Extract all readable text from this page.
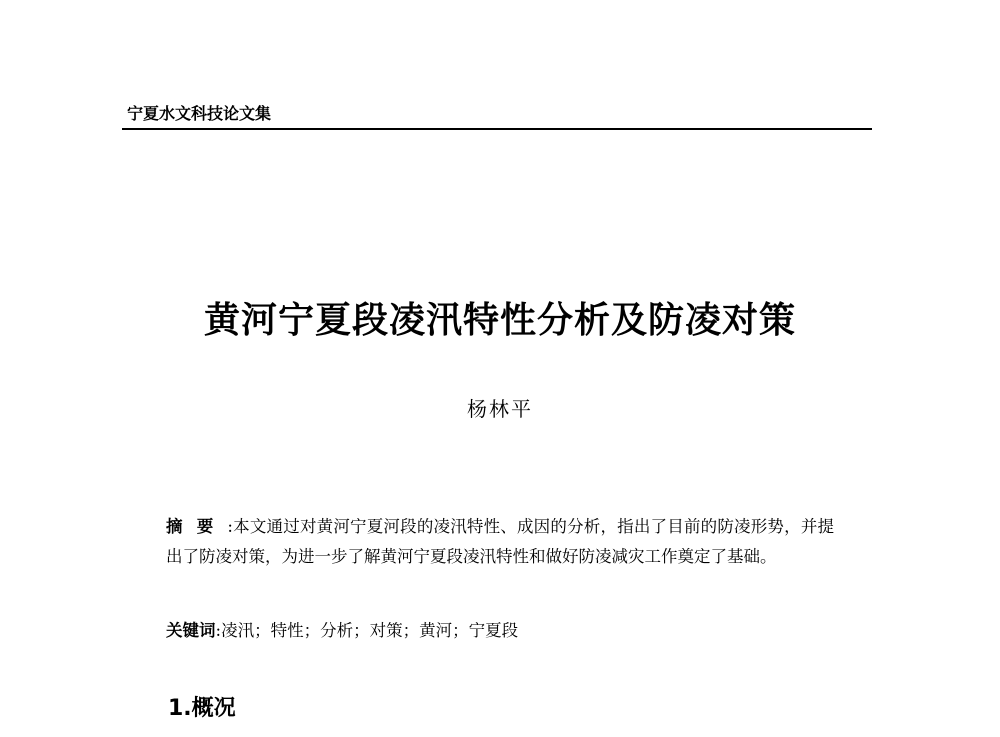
宁夏水文科技论文集
黄河宁夏段凌汛特性分析及防凌对策
杨林平
摘要:本文通过对黄河宁夏河段的凌汛特性、成因的分析，指出了目前的防凌形势，并提出了防凌对策，为进一步了解黄河宁夏段凌汛特性和做好防凌减灾工作奠定了基础。
关键词:凌汛；特性；分析；对策；黄河；宁夏段
1.概况
